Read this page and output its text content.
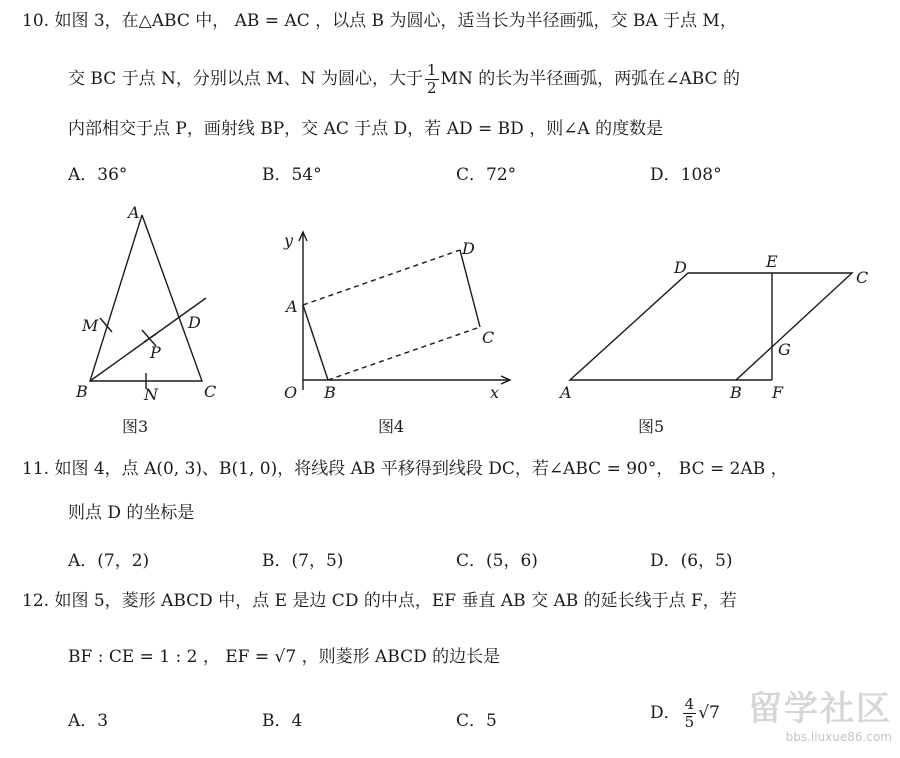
10. 如图 3，在△ABC 中， AB = AC ，以点 B 为圆心，适当长为半径画弧，交 BA 于点 M，
交 BC 于点 N，分别以点 M、N 为圆心，大于 $\frac{1}{2}$ MN 的长为半径画弧，两弧在∠ABC 的
内部相交于点 P，画射线 BP，交 AC 于点 D，若 AD = BD ，则∠A 的度数是
A．36°	B．54°	C．72°	D．108°
A
B	C
D
M
N
P
图3
y
x
O
A
B
C
D
图4
A	B
C
D	E
F
G
图5
11. 如图 4，点 A(0, 3)、B(1, 0)，将线段 AB 平移得到线段 DC，若∠ABC = 90°， BC = 2AB ，
则点 D 的坐标是
A．(7，2)	B．(7，5)	C．(5，6)	D．(6，5)
12. 如图 5，菱形 ABCD 中，点 E 是边 CD 的中点，EF 垂直 AB 交 AB 的延长线于点 F，若
BF : CE = 1 : 2 ， EF = √7 ，则菱形 ABCD 的边长是
A．3	B．4	C．5	D． $\frac{4}{5} √7$ 留学社区
bbs.liuxue86.com
